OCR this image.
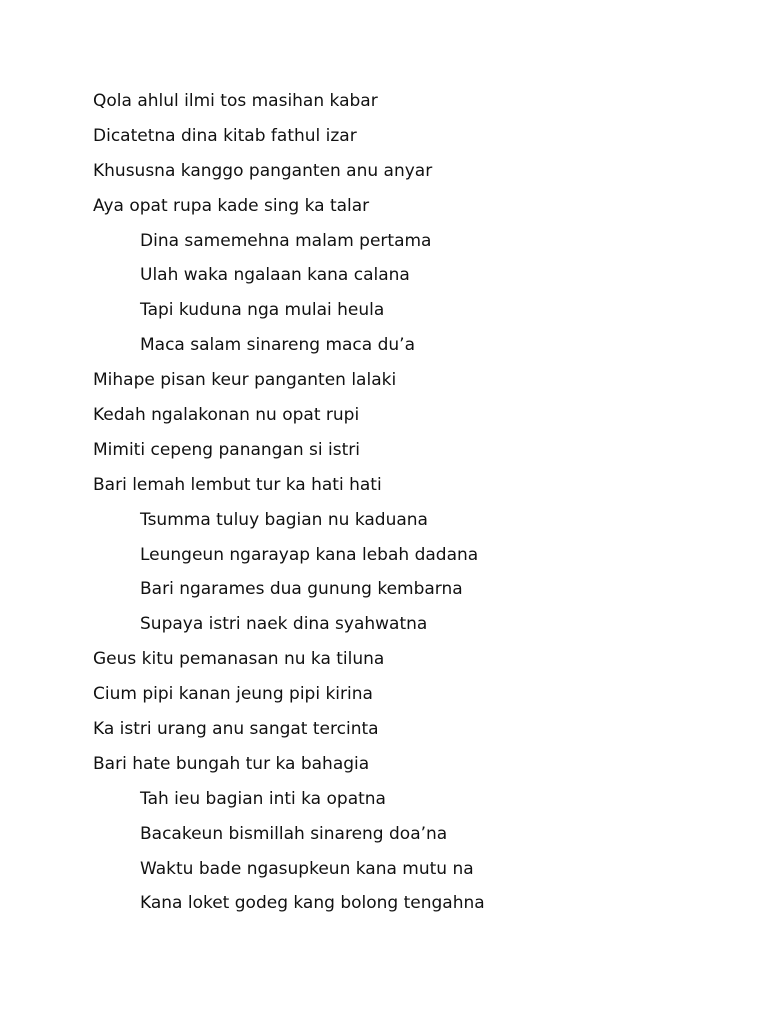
Qola ahlul ilmi tos masihan kabar
Dicatetna dina kitab fathul izar
Khususna kanggo panganten anu anyar
Aya opat rupa kade sing ka talar
Dina samemehna malam pertama
Ulah waka ngalaan kana calana
Tapi kuduna nga mulai heula
Maca salam sinareng maca du’a
Mihape pisan keur panganten lalaki
Kedah ngalakonan nu opat rupi
Mimiti cepeng panangan si istri
Bari lemah lembut tur ka hati hati
Tsumma tuluy bagian nu kaduana
Leungeun ngarayap kana lebah dadana
Bari ngarames dua gunung kembarna
Supaya istri naek dina syahwatna
Geus kitu pemanasan nu ka tiluna
Cium pipi kanan jeung pipi kirina
Ka istri urang anu sangat tercinta
Bari hate bungah tur ka bahagia
Tah ieu bagian inti ka opatna
Bacakeun bismillah sinareng doa’na
Waktu bade ngasupkeun kana mutu na
Kana loket godeg kang bolong tengahna
